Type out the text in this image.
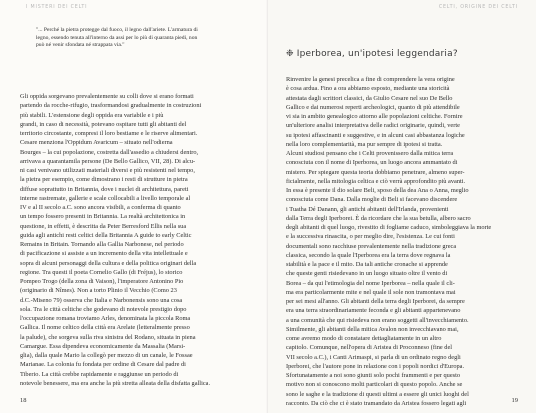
I MISTERI DEI CELTI
"... Perché la pietra protegge dal fuoco, il legno dall'ariete. L'armatura di
legno, essendo tenuta all'interno da assi per lo più di quaranta piedi, non
può né venir sfondata né strappata via."
Gli oppida sorgevano prevalentemente su colli dove si erano formati
partendo da rocche-rifugio, trasformandosi gradualmente in costruzioni
più stabili. L'estensione degli oppida era variabile e i più
grandi, in caso di necessità, potevano ospitare tutti gli abitanti del
territorio circostante, compresi il loro bestiame e le riserve alimentari.
Cesare menziona l'Oppidum Avaricum – situato nell'odierna
Bourges – la cui popolazione, costretta dall'assedio a chiudersi dentro,
arrivava a quarantamila persone (De Bello Gallico, VII, 28). Di alcu-
ni casi venivano utilizzati materiali diversi e più resistenti nel tempo,
la pietra per esempio, come dimostrano i resti di strutture in pietra
diffuse soprattutto in Britannia, dove i nuclei di architettura, pareti
interne rastremate, gallerie e scale collocabili a livello temporale al
IV e al II secolo a.C. sono ancora visibili, a conferma di quanto
un tempo fossero presenti in Britannia. La realtà architettonica in
questione, in effetti, è descritta da Peter Berresford Ellis nella sua
guida agli antichi resti celtici della Britannia A guide to early Celtic
Remains in Britain. Tornando alla Gallia Narbonese, nel periodo
di pacificazione si assiste a un incremento della vita intellettuale e
sopra di alcuni personaggi della cultura e della politica originari della
regione. Tra questi il poeta Cornelio Gallo (di Fréjus), lo storico
Pompeo Trogo (della zona di Vaison), l'imperatore Antonino Pio
(originario di Nîmes). Non a torto Plinio il Vecchio (Como 23
d.C.-Miseno 79) osserva che Italia e Narbonensis sono una cosa
sola. Tra le città celtiche che godevano di notevole prestigio dopo
l'occupazione romana troviamo Arles, denominata la piccola Roma
Gallica. Il nome celtico della città era Arelate (letteralmente presso
la palude), che sorgeva sulla riva sinistra del Rodano, situata in piena
Camargue. Essa dipendeva economicamente da Massalia (Marsi-
glia), dalla quale Mario la collegò per mezzo di un canale, le Fossae
Marianae. La colonia fu fondata per ordine di Cesare dal padre di
Tiberio. La città crebbe rapidamente e raggiunse un periodo di
notevole benessere, ma era anche la più stretta alleata della disfatta gallica.
18
CELTI, ORIGINE DEI CELTI
19
❉ Iperborea, un'ipotesi leggendaria?
Rinvenire la genesi precelica a fine di comprendere la vera origine
è cosa ardua. Fino a ora abbiamo esposto, mediante una storicità
attestata dagli scrittori classici, da Giulio Cesare nel suo De Bello
Gallico e dai numerosi reperti archeologici, quanto di più attendibile
vi sia in ambito genealogico attorno alle popolazioni celtiche. Fornire
un'ulteriore analisi interpretativa delle radici originarie, quindi, verte
su ipotesi affascinanti e suggestive, e in alcuni casi abbastanza logiche
nella loro complementarità, ma pur sempre di ipotesi si tratta.
Alcuni studiosi pensano che i Celti provenissero dalla mitica terra
conosciuta con il nome di Iperborea, un luogo ancora ammantato di
mistero. Per spiegare questa teoria dobbiamo penetrare, almeno super-
ficialmente, nella mitologia celtica e ciò verrà approfondito più avanti.
In essa è presente il dio solare Beli, sposo della dea Ana o Anna, meglio
conosciuta come Dana. Dalla moglie di Beli si facevano discendere
i Tuatha Dé Danann, gli antichi abitanti dell'Irlanda, provenienti
dalla Terra degli Iperborei. È da ricordare che la sua betulla, albero sacro
degli abitanti di quel luogo, rivestito di fogliame caduco, simboleggiava la morte
e la successiva rinascita, o per meglio dire, l'esistenza. Le cui fonti
documentali sono racchiuse prevalentemente nella tradizione greca
classica, secondo la quale l'Iperborea era la terra dove regnava la
stabilità e la pace e il mito. Da tali antiche cronache si apprende
che queste genti risiedevano in un luogo situato oltre il vento di
Borea – da qui l'etimologia del nome Iperborea – nella quale il cli-
ma era particolarmente mite e nel quale il sole non tramontava mai
per sei mesi all'anno. Gli abitanti della terra degli Iperborei, da sempre
era una terra straordinariamente feconda e gli abitanti appartenevano
a una comunità che qui risiedeva non erano soggetti all'invecchiamento.
Similmente, gli abitanti della mitica Avalon non invecchiavano mai,
come avremo modo di constatare dettagliatamente in un altro
capitolo. Comunque, nell'opera di Aristea di Proconneso (fine del
VII secolo a.C.), i Canti Arimaspi, si parla di un ordinato regno degli
Iperborei, che l'autore pone in relazione con i popoli nordici d'Europa.
Sfortunatamente a noi sono giunti solo pochi frammenti e per questo
motivo non si conoscono molti particolari di questo popolo. Anche se
sono le saghe e la tradizione di questi ultimi a essere gli unici luoghi del
racconto. Da ciò che ci è stato tramandato da Aristea fossero legati agli
